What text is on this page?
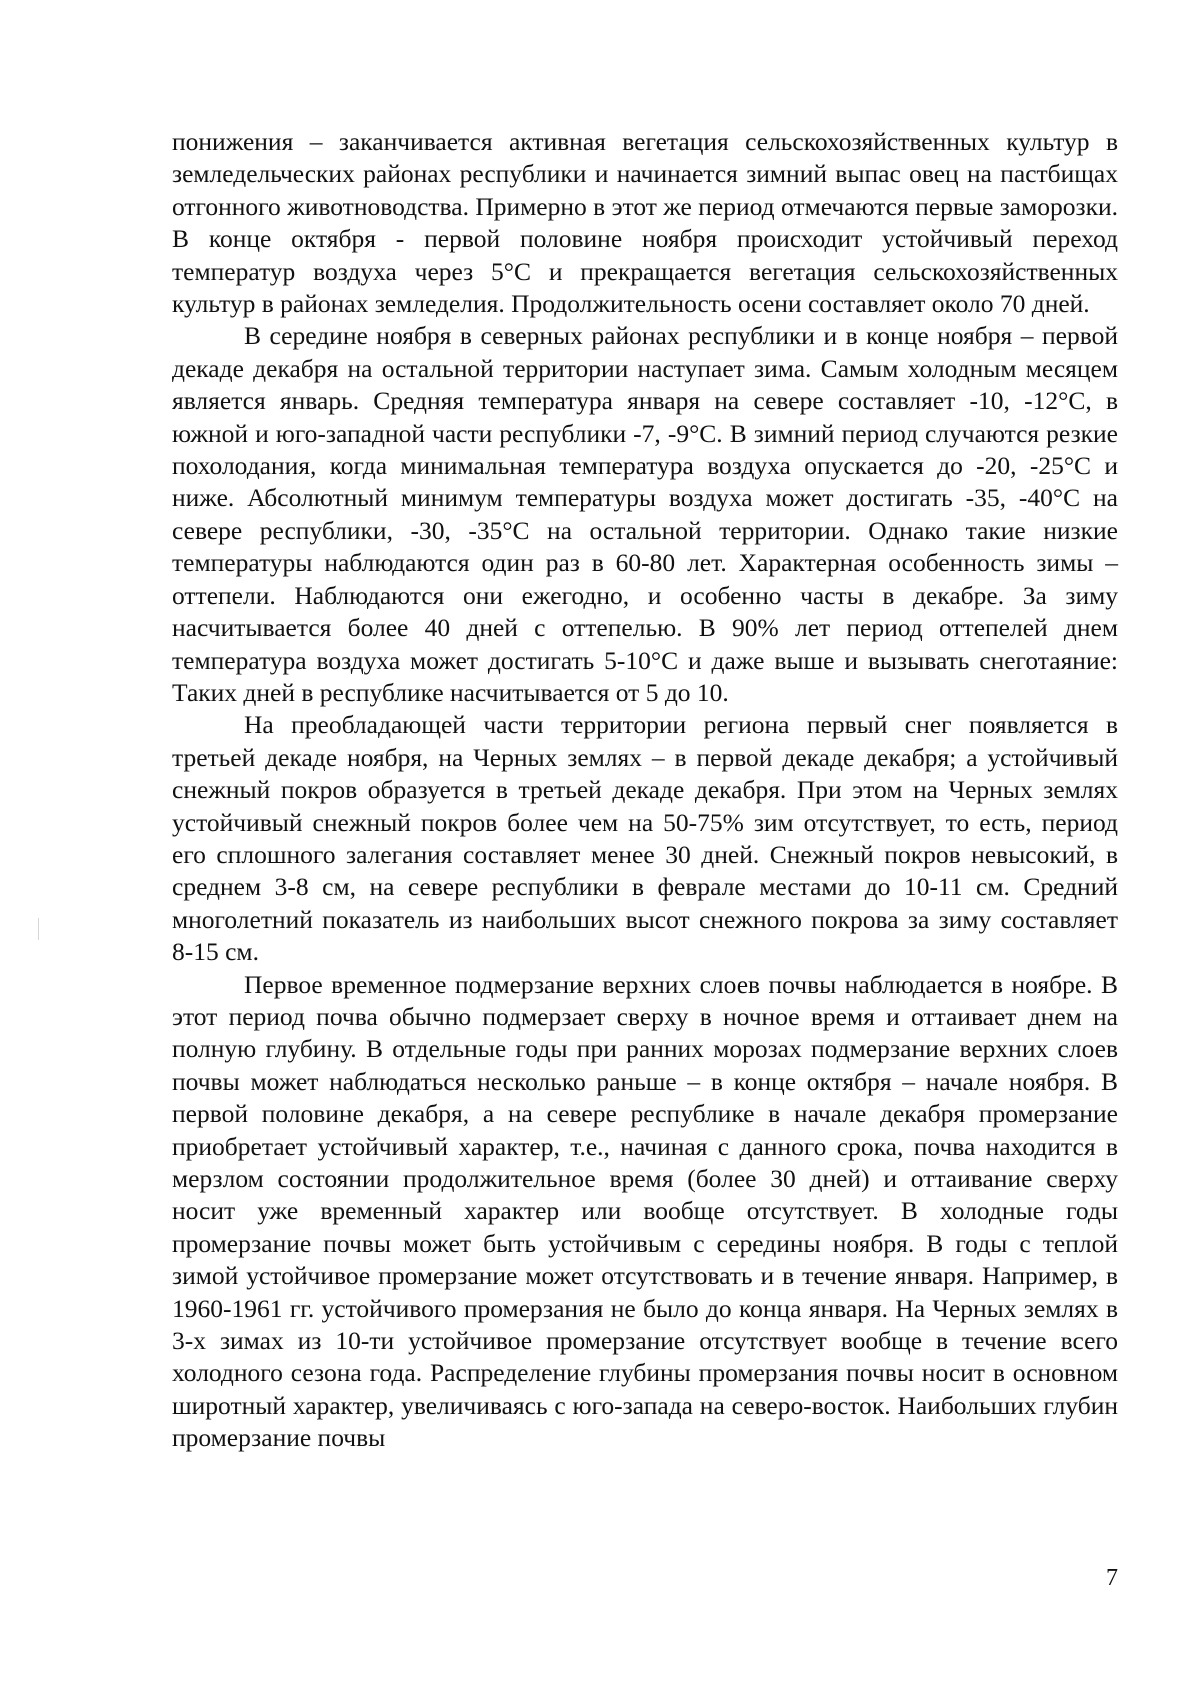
понижения – заканчивается активная вегетация сельскохозяйственных культур в земледельческих районах республики и начинается зимний выпас овец на пастбищах отгонного животноводства. Примерно в этот же период отмечаются первые заморозки. В конце октября - первой половине ноября происходит устойчивый переход температур воздуха через 5°С и прекращается вегетация сельскохозяйственных культур в районах земледелия. Продолжительность осени составляет около 70 дней.

В середине ноября в северных районах республики и в конце ноября – первой декаде декабря на остальной территории наступает зима. Самым холодным месяцем является январь. Средняя температура января на севере составляет -10, -12°С, в южной и юго-западной части республики -7, -9°С. В зимний период случаются резкие похолодания, когда минимальная температура воздуха опускается до -20, -25°С и ниже. Абсолютный минимум температуры воздуха может достигать -35, -40°С на севере республики, -30, -35°С на остальной территории. Однако такие низкие температуры наблюдаются один раз в 60-80 лет. Характерная особенность зимы – оттепели. Наблюдаются они ежегодно, и особенно часты в декабре. За зиму насчитывается более 40 дней с оттепелью. В 90% лет период оттепелей днем температура воздуха может достигать 5-10°С и даже выше и вызывать снеготаяние: Таких дней в республике насчитывается от 5 до 10.

На преобладающей части территории региона первый снег появляется в третьей декаде ноября, на Черных землях – в первой декаде декабря; а устойчивый снежный покров образуется в третьей декаде декабря. При этом на Черных землях устойчивый снежный покров более чем на 50-75% зим отсутствует, то есть, период его сплошного залегания составляет менее 30 дней. Снежный покров невысокий, в среднем 3-8 см, на севере республики в феврале местами до 10-11 см. Средний многолетний показатель из наибольших высот снежного покрова за зиму составляет 8-15 см.

Первое временное подмерзание верхних слоев почвы наблюдается в ноябре. В этот период почва обычно подмерзает сверху в ночное время и оттаивает днем на полную глубину. В отдельные годы при ранних морозах подмерзание верхних слоев почвы может наблюдаться несколько раньше – в конце октября – начале ноября. В первой половине декабря, а на севере республике в начале декабря промерзание приобретает устойчивый характер, т.е., начиная с данного срока, почва находится в мерзлом состоянии продолжительное время (более 30 дней) и оттаивание сверху носит уже временный характер или вообще отсутствует. В холодные годы промерзание почвы может быть устойчивым с середины ноября. В годы с теплой зимой устойчивое промерзание может отсутствовать и в течение января. Например, в 1960-1961 гг. устойчивого промерзания не было до конца января. На Черных землях в 3-х зимах из 10-ти устойчивое промерзание отсутствует вообще в течение всего холодного сезона года. Распределение глубины промерзания почвы носит в основном широтный характер, увеличиваясь с юго-запада на северо-восток. Наибольших глубин промерзание почвы

7
